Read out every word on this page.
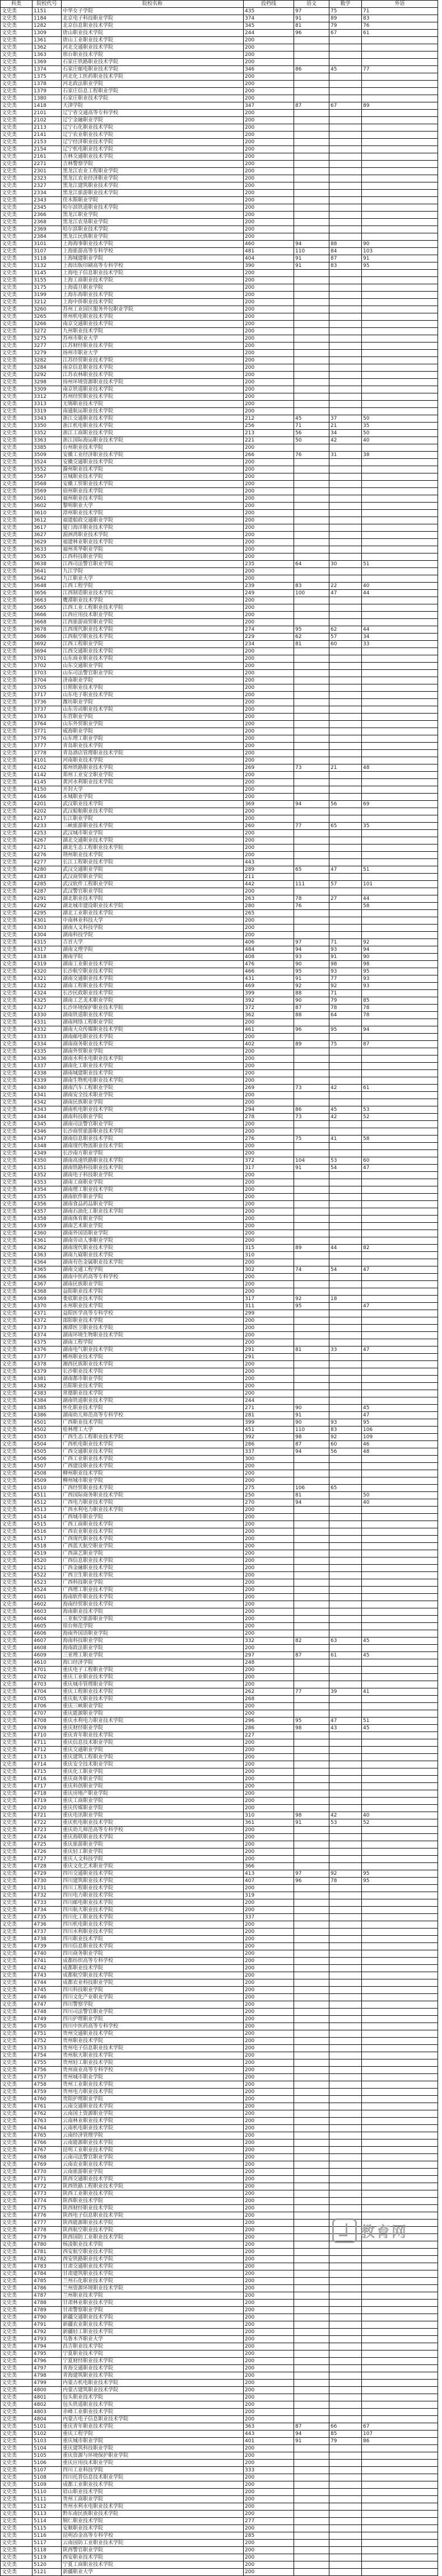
科类	院校代号	院校名称	投档线	语文	数学	外语
文史类	1151	中华女子学院	435	97	75	71
文史类	1184	北京电子科技职业学院	374	91	89	83
文史类	1282	北京信息职业技术学院	345	81	79	76
文史类	1309	唐山职业技术学院	244	96	67	61
文史类	1361	唐山工业职业技术学院	200			
文史类	1362	河北交通职业技术学院	200			
文史类	1363	邢台职业技术学院	200			
文史类	1369	石家庄铁路职业技术学院	200			
文史类	1374	石家庄邮电职业技术学院	346	86	45	77
文史类	1375	河北化工医药职业技术学院	200			
文史类	1378	河北政法职业学院	200			
文史类	1379	石家庄信息工程职业学院	200			
文史类	1380	石家庄职业技术学院	200			
文史类	1418	天津学院	347	87	67	89
文史类	2101	辽宁省交通高等专科学校	200			
文史类	2102	辽宁金融职业学院	200			
文史类	2113	辽宁石化职业技术学院	200			
文史类	2141	辽宁农业职业技术学院	200			
文史类	2153	辽宁经济职业技术学院	200			
文史类	2154	辽宁机电职业技术学院	200			
文史类	2161	吉林交通职业技术学院	200			
文史类	2271	吉林警察学院	200			
文史类	2301	黑龙江农业工程职业学院	200			
文史类	2323	黑龙江农业经济职业学院	200			
文史类	2327	黑龙江建筑职业技术学院	200			
文史类	2334	黑龙江旅游职业技术学院	200			
文史类	2343	佳木斯职业学院	200			
文史类	2345	哈尔滨铁道职业技术学院	200			
文史类	2366	黑龙江职业学院	200			
文史类	2368	黑龙江农垦职业学院	200			
文史类	2369	哈尔滨职业技术学院	200			
文史类	2384	黑龙江民族职业学院	200			
文史类	3101	上海海事职业技术学院	460	94	88	90
文史类	3107	上海旅游高等专科学校	481	110	84	103
文史类	3118	上海城建职业学院	404	91	87	91
文史类	3132	上海出版印刷高等专科学校	390	91	83	95
文史类	3145	上海电子信息职业技术学院	200			
文史类	3155	上海工商职业技术学院	200			
文史类	3175	上海震旦职业学院	200			
文史类	3199	上海东海职业技术学院	200			
文史类	3212	上海中侨职业技术学院	200			
文史类	3260	苏州工业园区服务外包职业学院	200			
文史类	3265	常州机电职业技术学院	200			
文史类	3266	南京交通职业技术学院	200			
文史类	3272	九州职业技术学院	200			
文史类	3275	苏州市职业大学	200			
文史类	3277	江苏财经职业技术学院	200			
文史类	3279	扬州市职业大学	200			
文史类	3282	江苏经贸职业技术学院	200			
文史类	3284	南京信息职业技术学院	200			
文史类	3292	江苏农林职业技术学院	200			
文史类	3298	扬州环境资源职业技术学院	200			
文史类	3309	南京铁道职业技术学院	200			
文史类	3312	苏州经贸职业技术学院	200			
文史类	3313	无锡职业技术学院	200			
文史类	3319	南通航运职业技术学院	200			
文史类	3343	浙江交通职业技术学院	212	45	37	50
文史类	3350	浙江机电职业技术学院	256	71	21	35
文史类	3352	浙江工商职业技术学院	213	56	34	50
文史类	3363	浙江国际海运职业技术学院	221	50	42	40
文史类	3385	台州职业技术学院	200			
文史类	3509	安徽工业经济职业技术学院	266	76	31	38
文史类	3524	安徽交通职业技术学院	200			
文史类	3552	滁州职业技术学院	200			
文史类	3567	宣城职业技术学院	200			
文史类	3568	安徽工贸职业技术学院	200			
文史类	3569	宿州职业技术学院	200			
文史类	3601	福州职业技术学院	200			
文史类	3602	黎明职业大学	200			
文史类	3610	漳州职业技术学院	200			
文史类	3612	福建船政交通职业学院	200			
文史类	3617	厦门海洋职业技术学院	200			
文史类	3627	湄洲湾职业技术学院	200			
文史类	3629	福建林业职业技术学院	200			
文史类	3633	福州英华职业学院	200			
文史类	3635	江西科技职业学院	200			
文史类	3638	江西司法警官职业学院	235	64	30	51
文史类	3641	九江学院	200			
文史类	3642	九江职业大学	200			
文史类	3648	江西工程学院	239	83	22	40
文史类	3656	江西制造职业技术学院	249	100	47	44
文史类	3663	鹰潭职业技术学院	200			
文史类	3665	江西工业工程职业技术学院	200			
文史类	3666	江西应用技术职业学院	200			
文史类	3668	江西旅游商贸职业学院	200			
文史类	3678	江西现代职业技术学院	274	95	62	44
文史类	3686	江西航空职业技术学院	229	62	57	34
文史类	3692	江西工程职业学院	234	81	60	33
文史类	3694	江西交通职业技术学院	200			
文史类	3701	山东商业职业技术学院	200			
文史类	3702	山东交通职业学院	200			
文史类	3703	山东司法警官职业学院	200			
文史类	3704	济南职业学院	200			
文史类	3705	日照职业技术学院	200			
文史类	3717	山东电子职业技术学院	200			
文史类	3736	潍坊职业学院	200			
文史类	3737	山东劳动职业技术学院	200			
文史类	3763	东营职业学院	200			
文史类	3764	山东外贸职业学院	200			
文史类	3771	威海职业学院	200			
文史类	3776	山东理工职业学院	200			
文史类	3777	青岛职业技术学院	200			
文史类	3778	青岛酒店管理职业技术学院	200			
文史类	4101	河南职业技术学院	200			
文史类	4102	郑州铁路职业技术学院	269	73	21	48
文史类	4142	郑州工业安全职业学院	200			
文史类	4145	黄河水利职业技术学院	200			
文史类	4150	开封大学	200			
文史类	4166	永城职业学院	200			
文史类	4201	武汉职业技术学院	369	94	56	69
文史类	4202	武汉船舶职业技术学院	200			
文史类	4217	长江职业学院	200			
文史类	4233	三峡旅游职业技术学院	260	77	65	35
文史类	4253	武汉城市职业学院	200			
文史类	4267	湖北交通职业技术学院	200			
文史类	4271	湖北生态工程职业技术学院	200			
文史类	4276	荆州职业技术学院	200			
文史类	4277	长江工程职业技术学院	443			
文史类	4280	武汉交通职业学院	289	65	47	51
文史类	4283	武汉商贸职业学院	211			
文史类	4285	武汉软件工程职业学院	442	111	57	101
文史类	4287	武汉警官职业学院	200			
文史类	4291	湖北职业技术学院	263	78	27	44
文史类	4292	湖北城市建设职业技术学院	280	76		58
文史类	4295	湖北工业职业技术学院	265			
文史类	4301	中南林业科技大学	200			
文史类	4303	湖南人文科技学院	200			
文史类	4304	湖南科技学院	200			
文史类	4315	吉首大学	406	97	71	92
文史类	4317	湖南文理学院	484	94	93	94
文史类	4318	湘南学院	408	93	91	90
文史类	4319	湖南工业职业技术学院	476	90	98	98
文史类	4320	长沙航空职业技术学院	466	95	93	95
文史类	4321	湖南交通职业技术学院	431	91	77	93
文史类	4322	湖南工程职业技术学院	469	92	92	93
文史类	4324	长沙民政职业技术学院	399	88	71	
文史类	4325	湖南工艺美术职业学院	392	90	79	85
文史类	4327	长沙环境保护职业技术学院	372	87	78	78
文史类	4330	湖南铁道职业技术学院	362	88	64	78
文史类	4331	湖南网络工程职业学院	200			
文史类	4332	湖南大众传媒职业技术学院	461	96	95	94
文史类	4333	湖南邮电职业技术学院	200			
文史类	4334	湖南商务职业技术学院	402	89	75	87
文史类	4335	湖南外贸职业学院	200			
文史类	4336	湖南水利水电职业技术学院	200			
文史类	4337	湖南化工职业技术学院	200			
文史类	4338	湖南城建职业技术学院	200			
文史类	4339	湖南生物机电职业技术学院	200			
文史类	4340	湖南汽车工程职业学院	269	73	42	61
文史类	4341	湖南安全技术职业学院	200			
文史类	4342	湖南民族职业学院	200			
文史类	4343	湖南机电职业技术学院	294	86	45	53
文史类	4344	湖南科技职业学院	278	73	42	52
文史类	4345	湖南司法警官职业学院	200			
文史类	4346	长沙商贸旅游职业技术学院	200			
文史类	4347	湖南信息职业技术学院	276	75	41	58
文史类	4348	湖南现代物流职业技术学院	200			
文史类	4349	长沙南方职业学院	200			
文史类	4350	湖南高速铁路职业技术学院	372	104	53	60
文史类	4351	湖南铁路科技职业技术学院	317	91	54	47
文史类	4352	湖南电子科技职业学院	200			
文史类	4353	湖南工商职业学院	200			
文史类	4354	湖南理工职业技术学院	200			
文史类	4355	湖南软件职业学院	200			
文史类	4356	湖南食品药品职业学院	200			
文史类	4357	湖南石油化工职业技术学院	200			
文史类	4358	湖南体育职业学院	200			
文史类	4359	湖南艺术职业学院	200			
文史类	4360	湖南外国语职业学院	200			
文史类	4361	湖南劳动人事职业学院	200			
文史类	4362	湖南现代职业技术学院	315	89	44	82
文史类	4363	湖南九嶷职业技术学院	310			
文史类	4364	湖南有色金属职业技术学院	200			
文史类	4365	湖南交通工程学院	302	74	54	47
文史类	4366	湖南中医药高等专科学校	200			
文史类	4367	湖南民族职业学院	200			
文史类	4368	益阳职业技术学院	200			
文史类	4369	娄底职业技术学院	317	92	18	
文史类	4370	永州职业技术学院	311	95		47
文史类	4371	益阳医学高等专科学校	299			
文史类	4372	邵阳职业技术学院	200			
文史类	4373	湘潭医卫职业技术学院	200			
文史类	4374	湖南环境生物职业技术学院	200			
文史类	4375	湖南工程学院	200			
文史类	4376	湖南电气职业技术学院	291	81	33	47
文史类	4377	郴州职业技术学院	291			
文史类	4378	湘西民族职业技术学院	200			
文史类	4379	长沙职业技术学院	200			
文史类	4381	湖南都市职业学院	200			
文史类	4382	岳阳职业技术学院	200			
文史类	4383	常德职业技术学院	200			
文史类	4384	湖南铁道职业技术学院	244			
文史类	4385	怀化职业技术学院	271	90		45
文史类	4386	湖南幼儿师范高等专科学校	281	91		47
文史类	4501	广西职业技术学院	399	90	93	95
文史类	4502	桂林理工大学	451	110	83	106
文史类	4503	广西生态工程职业技术学院	392	98	92	109
文史类	4504	广西机电职业技术学院	286	87	60	46
文史类	4505	广西交通职业技术学院	337	94	56	48
文史类	4506	广西工业职业技术学院	300			
文史类	4507	广西建设职业技术学院	200			
文史类	4508	柳州职业技术学院	200			
文史类	4509	柳州城市职业学院	200			
文史类	4510	广西经贸职业技术学院	275	106	65	
文史类	4511	广西国际商务职业技术学院	250	81		50
文史类	4512	广西电力职业技术学院	270	94		40
文史类	4513	广西水利电力职业技术学院	200			
文史类	4514	广西城市职业学院	200			
文史类	4515	广西工商职业技术学院	200			
文史类	4516	广西农业职业技术学院	200			
文史类	4517	广西现代职业技术学院	200			
文史类	4518	广西蓝天航空职业学院	200			
文史类	4519	广西演艺职业学院	200			
文史类	4520	广西信息职业技术学院	200			
文史类	4521	广西金融职业技术学院	200			
文史类	4522	广西卫生职业技术学院	200			
文史类	4523	广西科技职业学院	200			
文史类	4524	广西理工职业技术学院	200			
文史类	4601	海南软件职业技术学院	200			
文史类	4602	海南经贸职业技术学院	200			
文史类	4603	海南职业技术学院	200			
文史类	4604	三亚航空旅游职业学院	200			
文史类	4605	琼台师范学院	200			
文史类	4606	海南外国语职业学院	200			
文史类	4607	海南科技职业学院	332	82	63	45
文史类	4608	海南政法职业学院	200			
文史类	4609	三亚理工职业学院	297	87	61	45
文史类	4610	海口经济学院	248			
文史类	4701	重庆电子工程职业学院	200			
文史类	4702	重庆工业职业技术学院	200			
文史类	4703	重庆城市管理职业学院	200			
文史类	4704	重庆工程职业技术学院	262	77	39	41
文史类	4705	重庆航天职业技术学院	268			
文史类	4706	重庆三峡职业学院	200			
文史类	4707	重庆能源职业学院	200			
文史类	4708	重庆水利电力职业技术学院	296	95	47	51
文史类	4709	重庆财经职业学院	286	98	43	45
文史类	4710	重庆青年职业技术学院	227			
文史类	4711	重庆信息技术职业学院	200			
文史类	4712	重庆交通职业学院	200			
文史类	4713	重庆建筑工程职业学院	200			
文史类	4714	重庆安全技术职业学院	200			
文史类	4715	重庆化工职业学院	200			
文史类	4716	重庆商务职业学院	200			
文史类	4717	重庆科创职业学院	200			
文史类	4718	重庆房地产职业学院	200			
文史类	4719	重庆工商职业学院	200			
文史类	4720	重庆传媒职业学院	200			
文史类	4721	重庆电讯职业学院	310	98	42	40
文史类	4722	重庆机电职业技术学院	361	91	53	52
文史类	4723	重庆幼儿师范高等专科学校	200			
文史类	4724	重庆海联职业技术学院	200			
文史类	4725	重庆旅游职业学院	200			
文史类	4726	重庆轻工职业学院	200			
文史类	4727	重庆人文科技学院	200			
文史类	4728	重庆文化艺术职业学院	366			
文史类	4729	四川交通职业技术学院	413	97	92	95
文史类	4730	四川建筑职业技术学院	407	96	78	95
文史类	4731	四川工程职业技术学院	200			
文史类	4732	四川电力职业技术学院	319			
文史类	4733	四川邮电职业技术学院	200			
文史类	4734	四川航天职业技术学院	200			
文史类	4735	四川化工职业技术学院	337			
文史类	4736	四川机电职业技术学院	200			
文史类	4737	四川水利职业技术学院	200			
文史类	4738	四川职业技术学院	200			
文史类	4739	四川信息职业技术学院	200			
文史类	4740	四川商务职业学院	200			
文史类	4741	成都纺织高等专科学校	200			
文史类	4742	成都职业技术学院	200			
文史类	4743	成都航空职业技术学院	200			
文史类	4744	成都农业科技职业学院	200			
文史类	4745	四川科技职业学院	200			
文史类	4746	四川文化产业职业学院	200			
文史类	4747	四川警察学院	200			
文史类	4748	四川司法警官职业学院	200			
文史类	4749	四川护理职业学院	200			
文史类	4750	四川中医药高等专科学校	200			
文史类	4751	贵州交通职业技术学院	200			
文史类	4752	贵州职业技术学院	200			
文史类	4753	贵州电子信息职业技术学院	200			
文史类	4754	贵州航天职业技术学院	200			
文史类	4755	贵州轻工职业技术学院	200			
文史类	4756	贵州商业高等专科学校	200			
文史类	4757	贵州城市职业学院	200			
文史类	4758	贵州工业职业技术学院	200			
文史类	4759	贵州电力职业技术学院	200			
文史类	4760	贵阳护理职业学院	200			
文史类	4761	云南交通职业技术学院	200			
文史类	4762	云南国土资源职业学院	200			
文史类	4763	云南林业职业技术学院	200			
文史类	4764	云南机电职业技术学院	200			
文史类	4765	云南经济管理学院	200			
文史类	4766	云南能源职业技术学院	200			
文史类	4767	昆明工业职业技术学院	200			
文史类	4768	云南司法警官职业学院	200			
文史类	4769	云南农业职业技术学院	200			
文史类	4770	云南旅游职业学院	200			
文史类	4771	陕西交通职业技术学院	200			
文史类	4772	陕西铁路工程职业技术学院	200			
文史类	4773	陕西工业职业技术学院	200			
文史类	4774	陕西职业技术学院	200			
文史类	4775	陕西财经职业技术学院	200			
文史类	4776	陕西电子信息职业技术学院	200			
文史类	4777	陕西能源职业技术学院	200			
文史类	4778	陕西航空职业技术学院	200			
文史类	4779	陕西国防工业职业技术学院	200			
文史类	4780	杨凌职业技术学院	200			
文史类	4781	西安航空职业技术学院	200			
文史类	4782	西安铁路职业技术学院	200			
文史类	4783	甘肃交通职业技术学院	200			
文史类	4784	甘肃建筑职业技术学院	200			
文史类	4785	兰州石化职业技术学院	200			
文史类	4786	兰州资源环境职业技术学院	200			
文史类	4787	兰州职业技术学院	200			
文史类	4788	甘肃林业职业技术学院	200			
文史类	4789	甘肃警察职业学院	200			
文史类	4790	新疆交通职业技术学院	200			
文史类	4791	新疆农业职业技术学院	200			
文史类	4792	新疆轻工职业技术学院	200			
文史类	4793	乌鲁木齐职业大学	200			
文史类	4794	昌吉职业技术学院	200			
文史类	4795	宁夏职业技术学院	200			
文史类	4796	宁夏财经职业技术学院	200			
文史类	4797	青海交通职业技术学院	200			
文史类	4798	青海建筑职业技术学院	200			
文史类	4799	内蒙古机电职业技术学院	200			
文史类	4800	内蒙古建筑职业技术学院	200			
文史类	4801	包头职业技术学院	200			
文史类	4802	包头铁道职业技术学院	200			
文史类	4803	赤峰工业职业技术学院	200			
文史类	4804	内蒙古电子信息职业技术学院	200			
文史类	5101	重庆青年职业技术学院	363	87	66	67
文史类	5102	重庆工程学院	443	94	85	107
文史类	5103	重庆城市职业学院	401	91	79	86
文史类	5104	重庆建筑科技职业学院	200			
文史类	5105	重庆资源与环境保护职业学院	200			
文史类	5106	重庆应用技术职业学院	200			
文史类	5107	四川工业科技学院	333			
文史类	5108	四川托普信息技术职业学院	200			
文史类	5109	成都工业职业技术学院	200			
文史类	5110	眉山职业技术学院	200			
文史类	5111	贵州工商职业学院	200			
文史类	5112	贵州水利水电职业技术学院	200			
文史类	5113	黔东南民族职业技术学院	200			
文史类	5114	铜仁职业技术学院	277			
文史类	5115	安顺职业技术学院	200			
文史类	5116	昆明冶金高等专科学校	285			
文史类	5117	云南国防工业职业技术学院	200			
文史类	5118	陕西警官职业学院	200			
文史类	5119	西安职业技术学院	200			
文史类	5120	宁夏工商职业技术学院	200			
文史类	5121	新疆职业大学	200			
教育网
